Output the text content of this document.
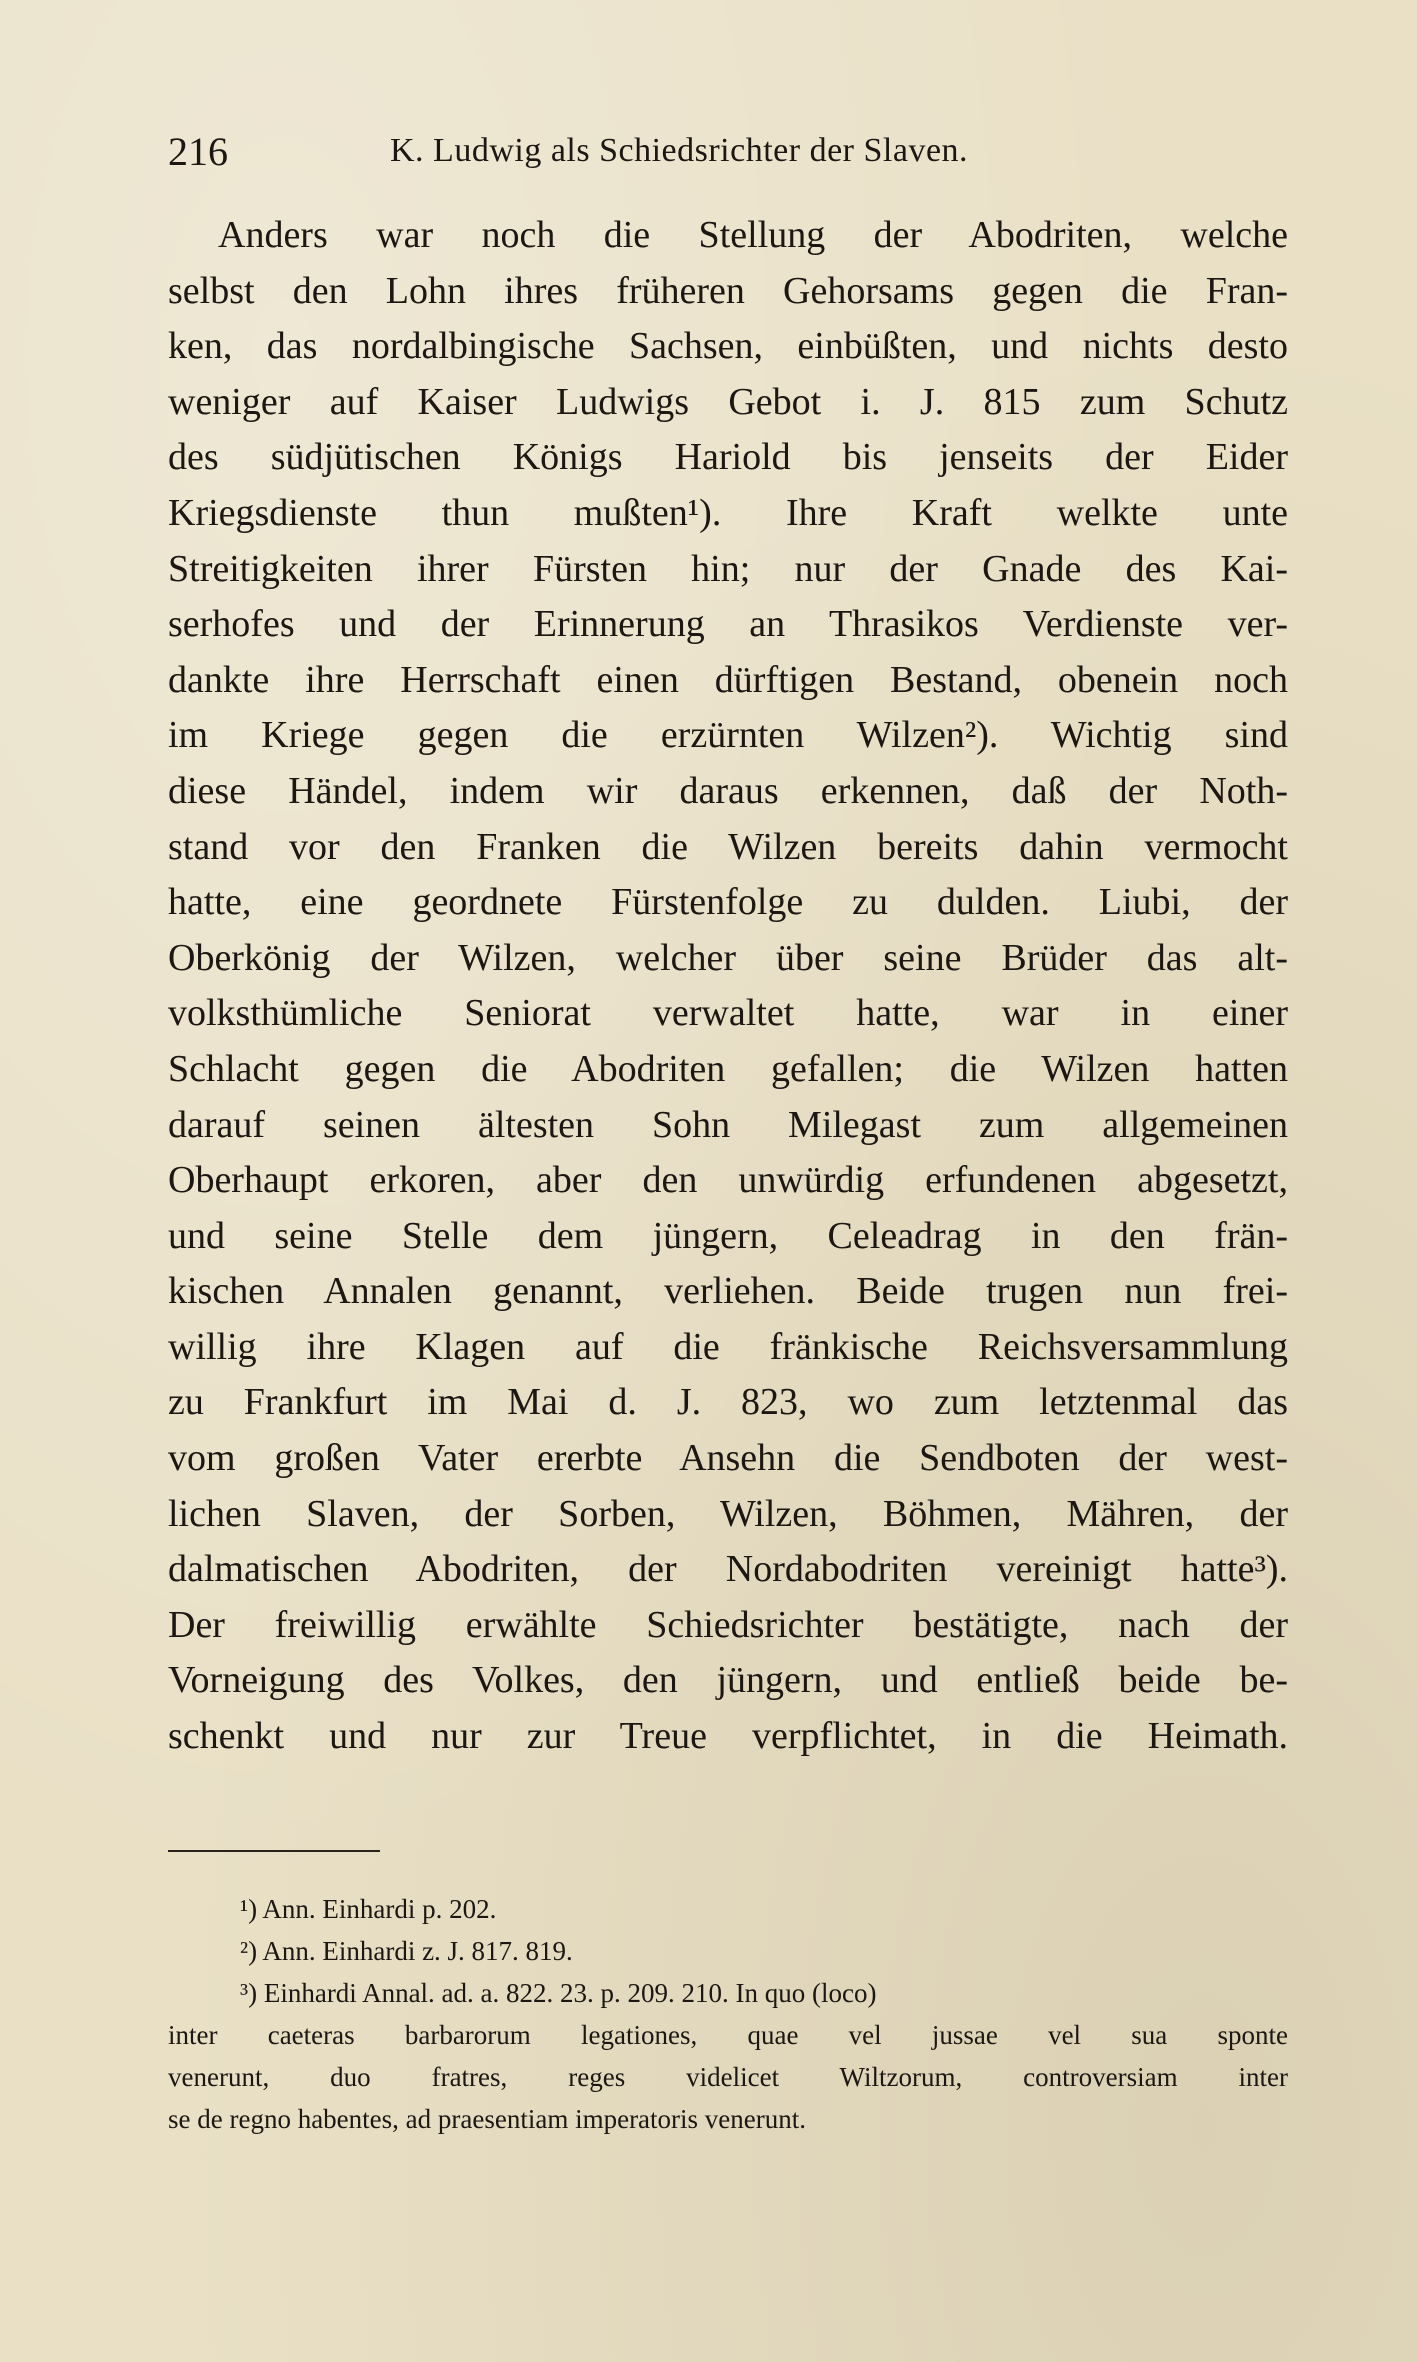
216	K. Ludwig als Schiedsrichter der Slaven.
Anders war noch die Stellung der Abodriten, welche
selbst den Lohn ihres früheren Gehorsams gegen die Fran-
ken, das nordalbingische Sachsen, einbüßten, und nichts desto
weniger auf Kaiser Ludwigs Gebot i. J. 815 zum Schutz
des südjütischen Königs Hariold bis jenseits der Eider
Kriegsdienste thun mußten¹). Ihre Kraft welkte unte
Streitigkeiten ihrer Fürsten hin; nur der Gnade des Kai-
serhofes und der Erinnerung an Thrasikos Verdienste ver-
dankte ihre Herrschaft einen dürftigen Bestand, obenein noch
im Kriege gegen die erzürnten Wilzen²). Wichtig sind
diese Händel, indem wir daraus erkennen, daß der Noth-
stand vor den Franken die Wilzen bereits dahin vermocht
hatte, eine geordnete Fürstenfolge zu dulden. Liubi, der
Oberkönig der Wilzen, welcher über seine Brüder das alt-
volksthümliche Seniorat verwaltet hatte, war in einer
Schlacht gegen die Abodriten gefallen; die Wilzen hatten
darauf seinen ältesten Sohn Milegast zum allgemeinen
Oberhaupt erkoren, aber den unwürdig erfundenen abgesetzt,
und seine Stelle dem jüngern, Celeadrag in den frän-
kischen Annalen genannt, verliehen. Beide trugen nun frei-
willig ihre Klagen auf die fränkische Reichsversammlung
zu Frankfurt im Mai d. J. 823, wo zum letztenmal das
vom großen Vater ererbte Ansehn die Sendboten der west-
lichen Slaven, der Sorben, Wilzen, Böhmen, Mähren, der
dalmatischen Abodriten, der Nordabodriten vereinigt hatte³).
Der freiwillig erwählte Schiedsrichter bestätigte, nach der
Vorneigung des Volkes, den jüngern, und entließ beide be-
schenkt und nur zur Treue verpflichtet, in die Heimath.
¹) Ann. Einhardi p. 202.
²) Ann. Einhardi z. J. 817. 819.
³) Einhardi Annal. ad. a. 822. 23. p. 209. 210. In quo (loco)
inter caeteras barbarorum legationes, quae vel jussae vel sua sponte
venerunt, duo fratres, reges videlicet Wiltzorum, controversiam inter
se de regno habentes, ad praesentiam imperatoris venerunt.
